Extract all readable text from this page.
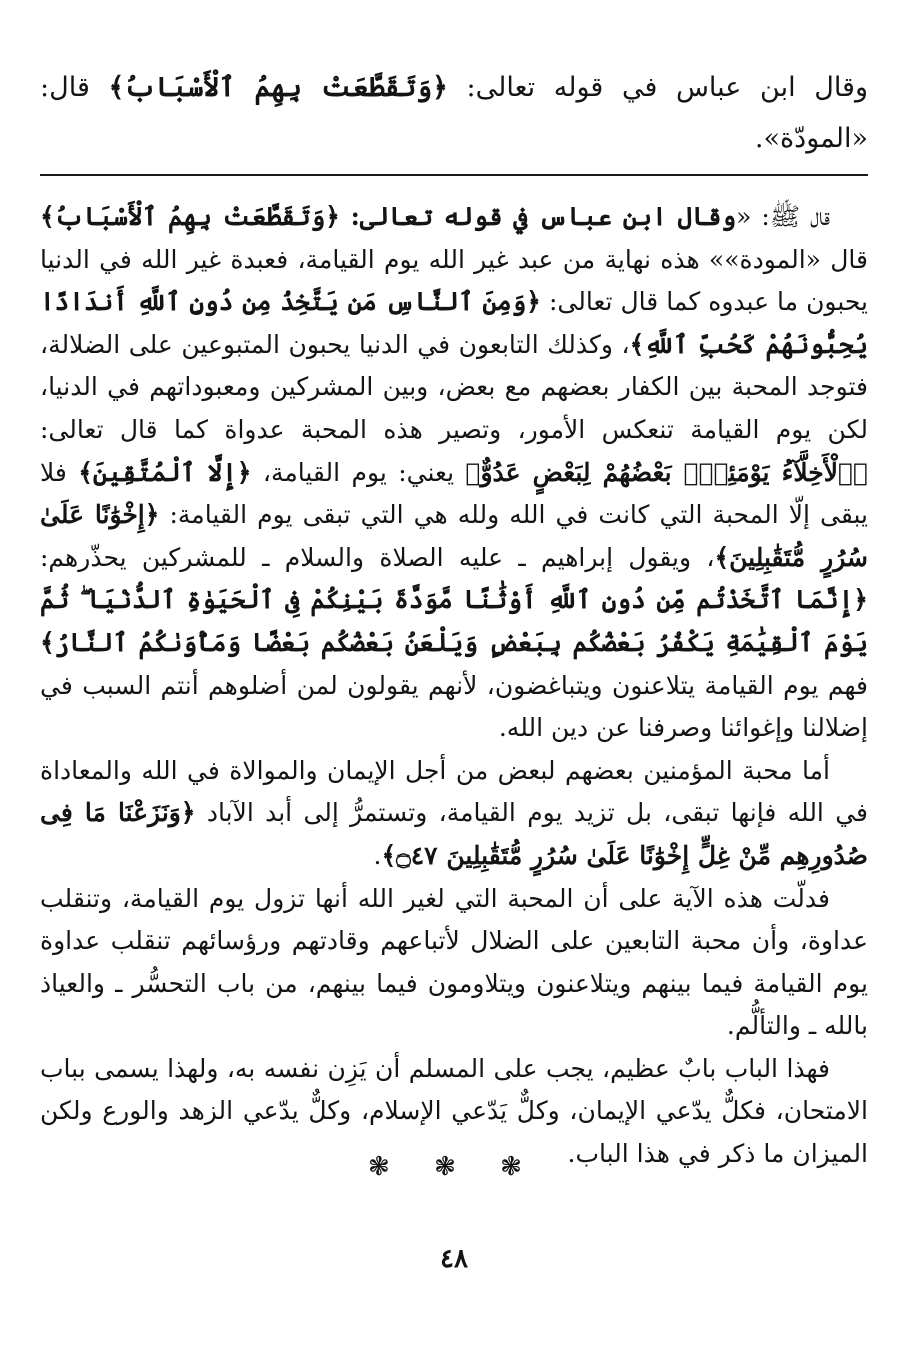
وقال ابن عباس في قوله تعالى: ﴿وَتَقَطَّعَتْ بِهِمُ ٱلْأَسْبَابُ﴾ قال: «المودّة».

قال ﷺ: «وقال ابن عباس في قوله تعالى: ﴿وَتَقَطَّعَتْ بِهِمُ ٱلْأَسْبَابُ﴾ قال «المودة»» هذه نهاية من عبد غير الله يوم القيامة، فعبدة غير الله في الدنيا يحبون ما عبدوه كما قال تعالى: ﴿وَمِنَ ٱلنَّاسِ مَن يَتَّخِذُ مِن دُونِ ٱللَّهِ أَندَادًا يُحِبُّونَهُمْ كَحُبِّ ٱللَّهِ﴾، وكذلك التابعون في الدنيا يحبون المتبوعين على الضلالة، فتوجد المحبة بين الكفار بعضهم مع بعض، وبين المشركين ومعبوداتهم في الدنيا، لكن يوم القيامة تنعكس الأمور، وتصير هذه المحبة عدواة كما قال تعالى: ﴿ٱلْأَخِلَّآءُ يَوْمَئِذٍۭ بَعْضُهُمْ لِبَعْضٍ عَدُوٌّ﴾ يعني: يوم القيامة، ﴿إِلَّا ٱلْمُتَّقِينَ﴾ فلا يبقى إلّا المحبة التي كانت في الله ولله هي التي تبقى يوم القيامة: ﴿إِخْوَٰنًا عَلَىٰ سُرُرٍ مُّتَقَٰبِلِينَ﴾، ويقول إبراهيم ـ عليه الصلاة والسلام ـ للمشركين يحذّرهم: ﴿إِنَّمَا ٱتَّخَذْتُم مِّن دُونِ ٱللَّهِ أَوْثَٰنًا مَّوَدَّةَ بَيْنِكُمْ فِى ٱلْحَيَوٰةِ ٱلدُّنْيَا ۖ ثُمَّ يَوْمَ ٱلْقِيَٰمَةِ يَكْفُرُ بَعْضُكُم بِبَعْضٍ وَيَلْعَنُ بَعْضُكُم بَعْضًا وَمَأْوَىٰكُمُ ٱلنَّارُ﴾ فهم يوم القيامة يتلاعنون ويتباغضون، لأنهم يقولون لمن أضلوهم أنتم السبب في إضلالنا وإغوائنا وصرفنا عن دين الله.

أما محبة المؤمنين بعضهم لبعض من أجل الإيمان والموالاة في الله والمعاداة في الله فإنها تبقى، بل تزيد يوم القيامة، وتستمرُّ إلى أبد الآباد ﴿وَنَزَعْنَا مَا فِى صُدُورِهِم مِّنْ غِلٍّ إِخْوَٰنًا عَلَىٰ سُرُرٍ مُّتَقَٰبِلِينَ ۝٤٧﴾.

فدلّت هذه الآية على أن المحبة التي لغير الله أنها تزول يوم القيامة، وتنقلب عداوة، وأن محبة التابعين على الضلال لأتباعهم وقادتهم ورؤسائهم تنقلب عداوة يوم القيامة فيما بينهم ويتلاعنون ويتلاومون فيما بينهم، من باب التحسُّر ـ والعياذ بالله ـ والتألُّم.

فهذا الباب بابٌ عظيم، يجب على المسلم أن يَزِن نفسه به، ولهذا يسمى بباب الامتحان، فكلٌّ يدّعي الإيمان، وكلٌّ يَدّعي الإسلام، وكلٌّ يدّعي الزهد والورع ولكن الميزان ما ذكر في هذا الباب.

❃ ❃ ❃
٤٨
